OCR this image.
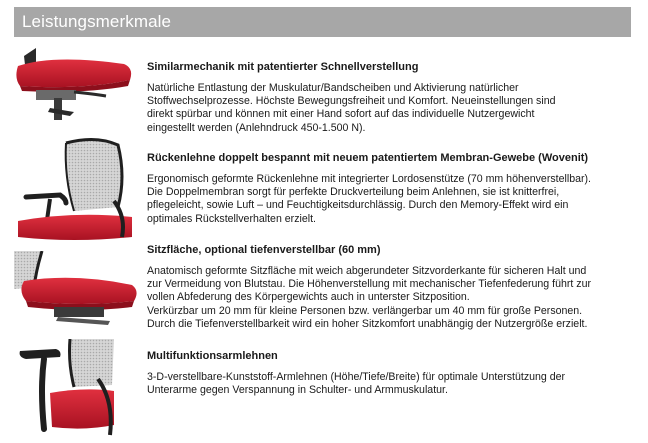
Leistungsmerkmale
Similarmechanik mit patentierter Schnellverstellung
Natürliche Entlastung der Muskulatur/Bandscheiben und Aktivierung natürlicher
Stoffwechselprozesse. Höchste Bewegungsfreiheit und Komfort. Neueinstellungen sind
direkt spürbar und können mit einer Hand sofort auf das individuelle Nutzergewicht
eingestellt werden (Anlehndruck 450-1.500 N).
Rückenlehne doppelt bespannt mit neuem patentiertem Membran-Gewebe (Wovenit)
Ergonomisch geformte Rückenlehne mit integrierter Lordosenstütze (70 mm höhenverstellbar).
Die Doppelmembran sorgt für perfekte Druckverteilung beim Anlehnen, sie ist knitterfrei,
pflegeleicht, sowie Luft – und Feuchtigkeitsdurchlässig. Durch den Memory-Effekt wird ein
optimales Rückstellverhalten erzielt.
Sitzfläche, optional tiefenverstellbar (60 mm)
Anatomisch geformte Sitzfläche mit weich abgerundeter Sitzvorderkante für sicheren Halt und
zur Vermeidung von Blutstau. Die Höhenverstellung mit mechanischer Tiefenfederung führt zur
vollen Abfederung des Körpergewichts auch in unterster Sitzposition.
Verkürzbar um 20 mm für kleine Personen bzw. verlängerbar um 40 mm für große Personen.
Durch die Tiefenverstellbarkeit wird ein hoher Sitzkomfort unabhängig der Nutzergröße erzielt.
Multifunktionsarmlehnen
3-D-verstellbare-Kunststoff-Armlehnen (Höhe/Tiefe/Breite) für optimale Unterstützung der
Unterarme gegen Verspannung in Schulter- und Armmuskulatur.
